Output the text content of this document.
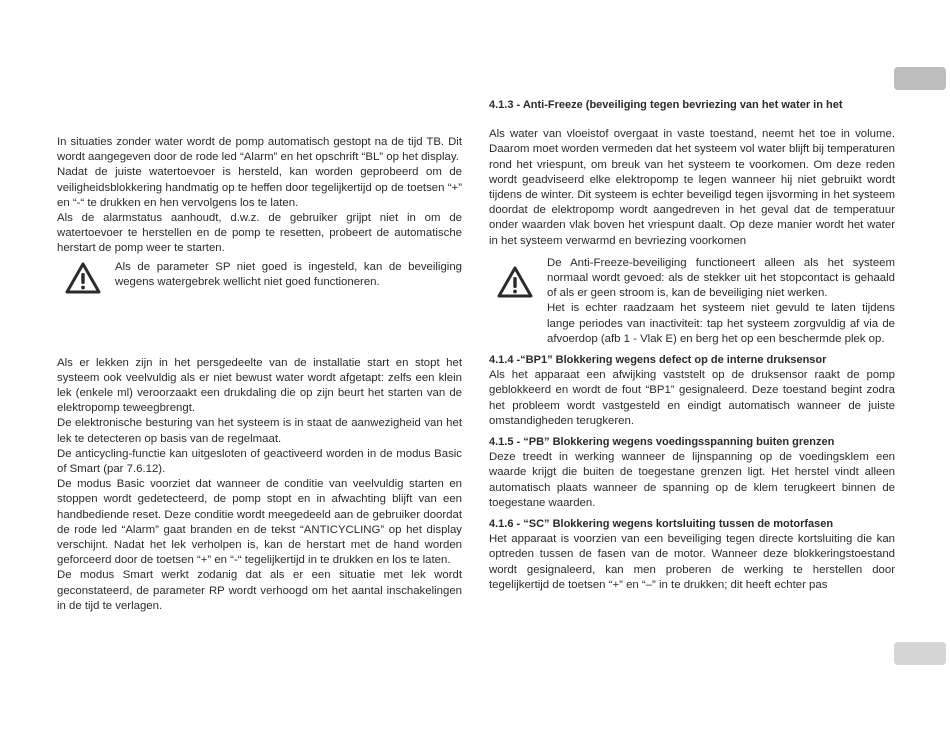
In situaties zonder water wordt de pomp automatisch gestopt na de tijd TB. Dit wordt aangegeven door de rode led “Alarm” en het opschrift “BL” op het display.

Nadat de juiste watertoevoer is hersteld, kan worden geprobeerd om de veiligheidsblokkering handmatig op te heffen door tegelijkertijd op de toetsen “+” en “-“ te drukken en hen vervolgens los te laten.

Als de alarmstatus aanhoudt, d.w.z. de gebruiker grijpt niet in om de watertoevoer te herstellen en de pomp te resetten, probeert de automatische herstart de pomp weer te starten.

Als de parameter SP niet goed is ingesteld, kan de beveiliging wegens watergebrek wellicht niet goed functioneren.

Als er lekken zijn in het persgedeelte van de installatie start en stopt het systeem ook veelvuldig als er niet bewust water wordt afgetapt: zelfs een klein lek (enkele ml) veroorzaakt een drukdaling die op zijn beurt het starten van de elektropomp teweegbrengt.

De elektronische besturing van het systeem is in staat de aanwezigheid van het lek te detecteren op basis van de regelmaat.

De anticycling-functie kan uitgesloten of geactiveerd worden in de modus Basic of Smart (par 7.6.12).

De modus Basic voorziet dat wanneer de conditie van veelvuldig starten en stoppen wordt gedetecteerd, de pomp stopt en in afwachting blijft van een handbediende reset. Deze conditie wordt meegedeeld aan de gebruiker doordat de rode led “Alarm” gaat branden en de tekst “ANTICYCLING” op het display verschijnt. Nadat het lek verholpen is, kan de herstart met de hand worden geforceerd door de toetsen “+” en “-“ tegelijkertijd in te drukken en los te laten.

De modus Smart werkt zodanig dat als er een situatie met lek wordt geconstateerd, de parameter RP wordt verhoogd om het aantal inschakelingen in de tijd te verlagen.

4.1.3 - Anti-Freeze (beveiliging tegen bevriezing van het water in het

Als water van vloeistof overgaat in vaste toestand, neemt het toe in volume. Daarom moet worden vermeden dat het systeem vol water blijft bij temperaturen rond het vriespunt, om breuk van het systeem te voorkomen. Om deze reden wordt geadviseerd elke elektropomp te legen wanneer hij niet gebruikt wordt tijdens de winter. Dit systeem is echter beveiligd tegen ijsvorming in het systeem doordat de elektropomp wordt aangedreven in het geval dat de temperatuur onder waarden vlak boven het vriespunt daalt. Op deze manier wordt het water in het systeem verwarmd en bevriezing voorkomen

De Anti-Freeze-beveiliging functioneert alleen als het systeem normaal wordt gevoed: als de stekker uit het stopcontact is gehaald of als er geen stroom is, kan de beveiliging niet werken.

Het is echter raadzaam het systeem niet gevuld te laten tijdens lange periodes van inactiviteit: tap het systeem zorgvuldig af via de afvoerdop (afb 1 - Vlak E) en berg het op een beschermde plek op.

4.1.4 -“BP1” Blokkering wegens defect op de interne druksensor

Als het apparaat een afwijking vaststelt op de druksensor raakt de pomp geblokkeerd en wordt de fout “BP1” gesignaleerd. Deze toestand begint zodra het probleem wordt vastgesteld en eindigt automatisch wanneer de juiste omstandigheden terugkeren.

4.1.5 - “PB” Blokkering wegens voedingsspanning buiten grenzen

Deze treedt in werking wanneer de lijnspanning op de voedingsklem een waarde krijgt die buiten de toegestane grenzen ligt. Het herstel vindt alleen automatisch plaats wanneer de spanning op de klem terugkeert binnen de toegestane waarden.

4.1.6 - “SC” Blokkering wegens kortsluiting tussen de motorfasen

Het apparaat is voorzien van een beveiliging tegen directe kortsluiting die kan optreden tussen de fasen van de motor. Wanneer deze blokkeringstoestand wordt gesignaleerd, kan men proberen de werking te herstellen door tegelijkertijd de toetsen “+” en “–” in te drukken; dit heeft echter pas
